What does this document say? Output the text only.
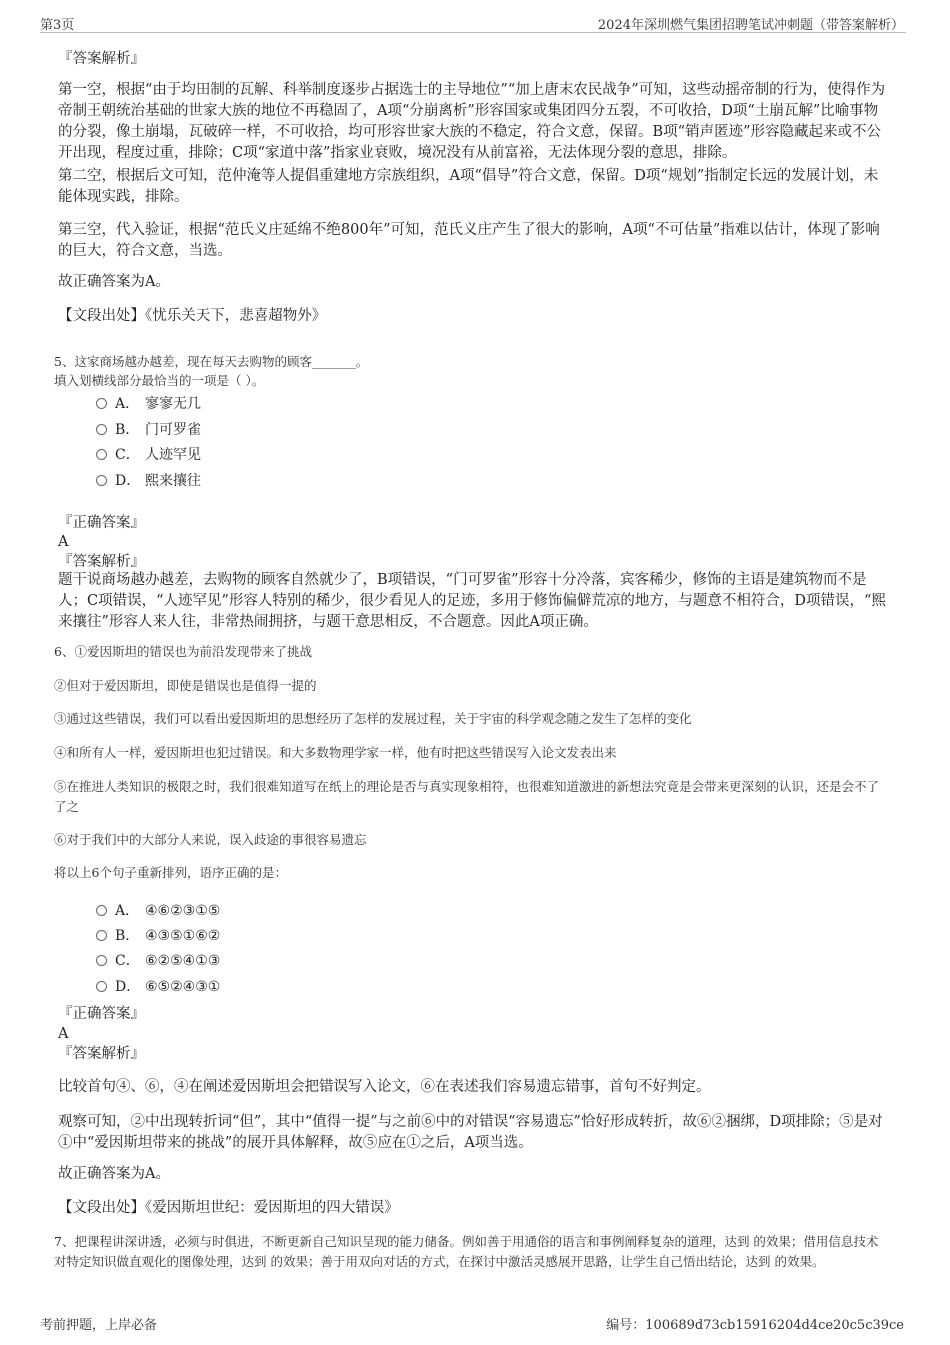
第3页	2024年深圳燃气集团招聘笔试冲刺题（带答案解析）
『答案解析』
第一空，根据“由于均田制的瓦解、科举制度逐步占据选士的主导地位”“加上唐末农民战争”可知，这些动摇帝制的行为，使得作为帝制王朝统治基础的世家大族的地位不再稳固了，A项“分崩离析”形容国家或集团四分五裂，不可收拾，D项“土崩瓦解”比喻事物的分裂，像土崩塌，瓦破碎一样，不可收拾，均可形容世家大族的不稳定，符合文意，保留。B项“销声匿迹”形容隐藏起来或不公开出现，程度过重，排除；C项“家道中落”指家业衰败，境况没有从前富裕，无法体现分裂的意思，排除。
第二空，根据后文可知，范仲淹等人提倡重建地方宗族组织，A项“倡导”符合文意，保留。D项“规划”指制定长远的发展计划，未能体现实践，排除。
第三空，代入验证，根据“范氏义庄延绵不绝800年”可知，范氏义庄产生了很大的影响，A项“不可估量”指难以估计，体现了影响的巨大，符合文意，当选。
故正确答案为A。
【文段出处】《忧乐关天下，悲喜超物外》
5、这家商场越办越差，现在每天去购物的顾客_______。
填入划横线部分最恰当的一项是（ ）。
A． 寥寥无几
B. 门可罗雀
C． 人迹罕见
D． 熙来攘往
『正确答案』
A
『答案解析』
题干说商场越办越差，去购物的顾客自然就少了，B项错误，“门可罗雀”形容十分冷落，宾客稀少，修饰的主语是建筑物而不是人；C项错误，“人迹罕见”形容人特别的稀少，很少看见人的足迹，多用于修饰偏僻荒凉的地方，与题意不相符合，D项错误，“熙来攘往”形容人来人往，非常热闹拥挤，与题干意思相反，不合题意。因此A项正确。
6、①爱因斯坦的错误也为前沿发现带来了挑战
②但对于爱因斯坦，即使是错误也是值得一提的
③通过这些错误，我们可以看出爱因斯坦的思想经历了怎样的发展过程，关于宇宙的科学观念随之发生了怎样的变化
④和所有人一样，爱因斯坦也犯过错误。和大多数物理学家一样，他有时把这些错误写入论文发表出来
⑤在推进人类知识的极限之时，我们很难知道写在纸上的理论是否与真实现象相符，也很难知道激进的新想法究竟是会带来更深刻的认识，还是会不了了之
⑥对于我们中的大部分人来说，误入歧途的事很容易遗忘
将以上6个句子重新排列，语序正确的是：
A． ④⑥②③①⑤
B. ④③⑤①⑥②
C． ⑥②⑤④①③
D． ⑥⑤②④③①
『正确答案』
A
『答案解析』
比较首句④、⑥，④在阐述爱因斯坦会把错误写入论文，⑥在表述我们容易遗忘错事，首句不好判定。
观察可知，②中出现转折词“但”，其中“值得一提”与之前⑥中的对错误“容易遗忘”恰好形成转折，故⑥②捆绑，D项排除；⑤是对①中“爱因斯坦带来的挑战”的展开具体解释，故⑤应在①之后，A项当选。
故正确答案为A。
【文段出处】《爱因斯坦世纪：爱因斯坦的四大错误》
7、把课程讲深讲透，必须与时俱进，不断更新自己知识呈现的能力储备。例如善于用通俗的语言和事例阐释复杂的道理，达到 的效果；借用信息技术对特定知识做直观化的图像处理，达到 的效果；善于用双向对话的方式，在探讨中激活灵感展开思路，让学生自己悟出结论，达到 的效果。
考前押题，上岸必备	编号：100689d73cb15916204d4ce20c5c39ce
